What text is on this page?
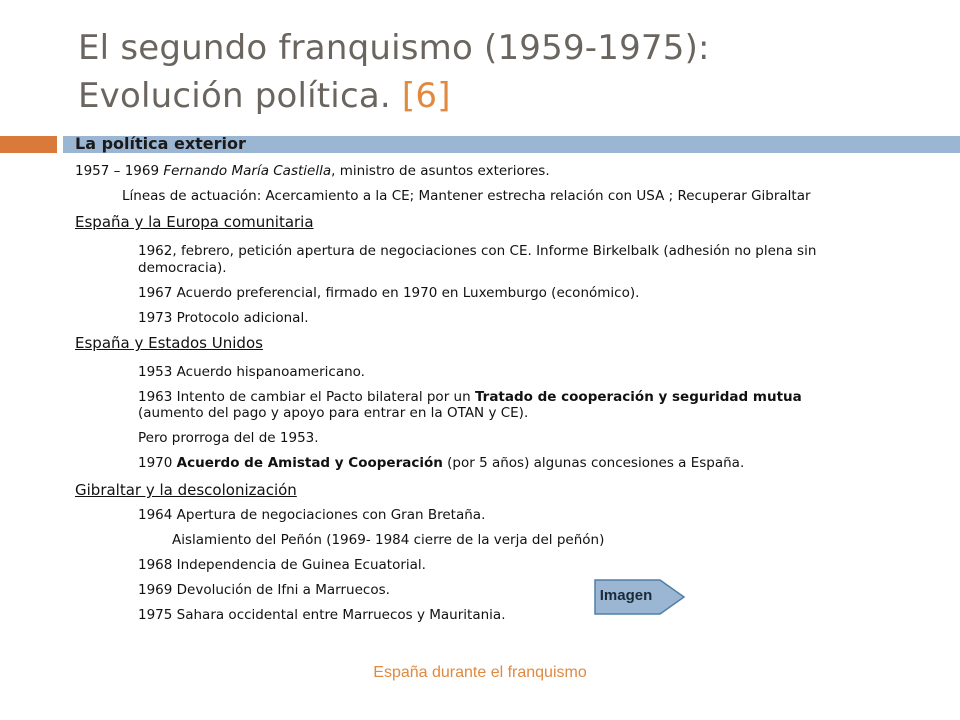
El segundo franquismo (1959-1975):
Evolución política. [6]
La política exterior
1957 – 1969 Fernando María Castiella, ministro de asuntos exteriores.
Líneas de actuación: Acercamiento a la CE; Mantener estrecha relación con USA ; Recuperar Gibraltar
España y la Europa comunitaria
1962, febrero, petición apertura de negociaciones con CE. Informe Birkelbalk (adhesión no plena sin democracia).
1967 Acuerdo preferencial, firmado en 1970 en Luxemburgo (económico).
1973 Protocolo adicional.
España y Estados Unidos
1953 Acuerdo hispanoamericano.
1963 Intento de cambiar el Pacto bilateral por un Tratado de cooperación y seguridad mutua
(aumento del pago y apoyo para entrar en la OTAN y CE).
Pero prorroga del de 1953.
1970 Acuerdo de Amistad y Cooperación (por 5 años) algunas concesiones a España.
Gibraltar y la descolonización
1964 Apertura de negociaciones con Gran Bretaña.
Aislamiento del Peñón (1969- 1984 cierre de la verja del peñón)
1968 Independencia de Guinea Ecuatorial.
1969 Devolución de Ifni a Marruecos.
1975 Sahara occidental entre Marruecos y Mauritania.
Imagen
España durante el franquismo
